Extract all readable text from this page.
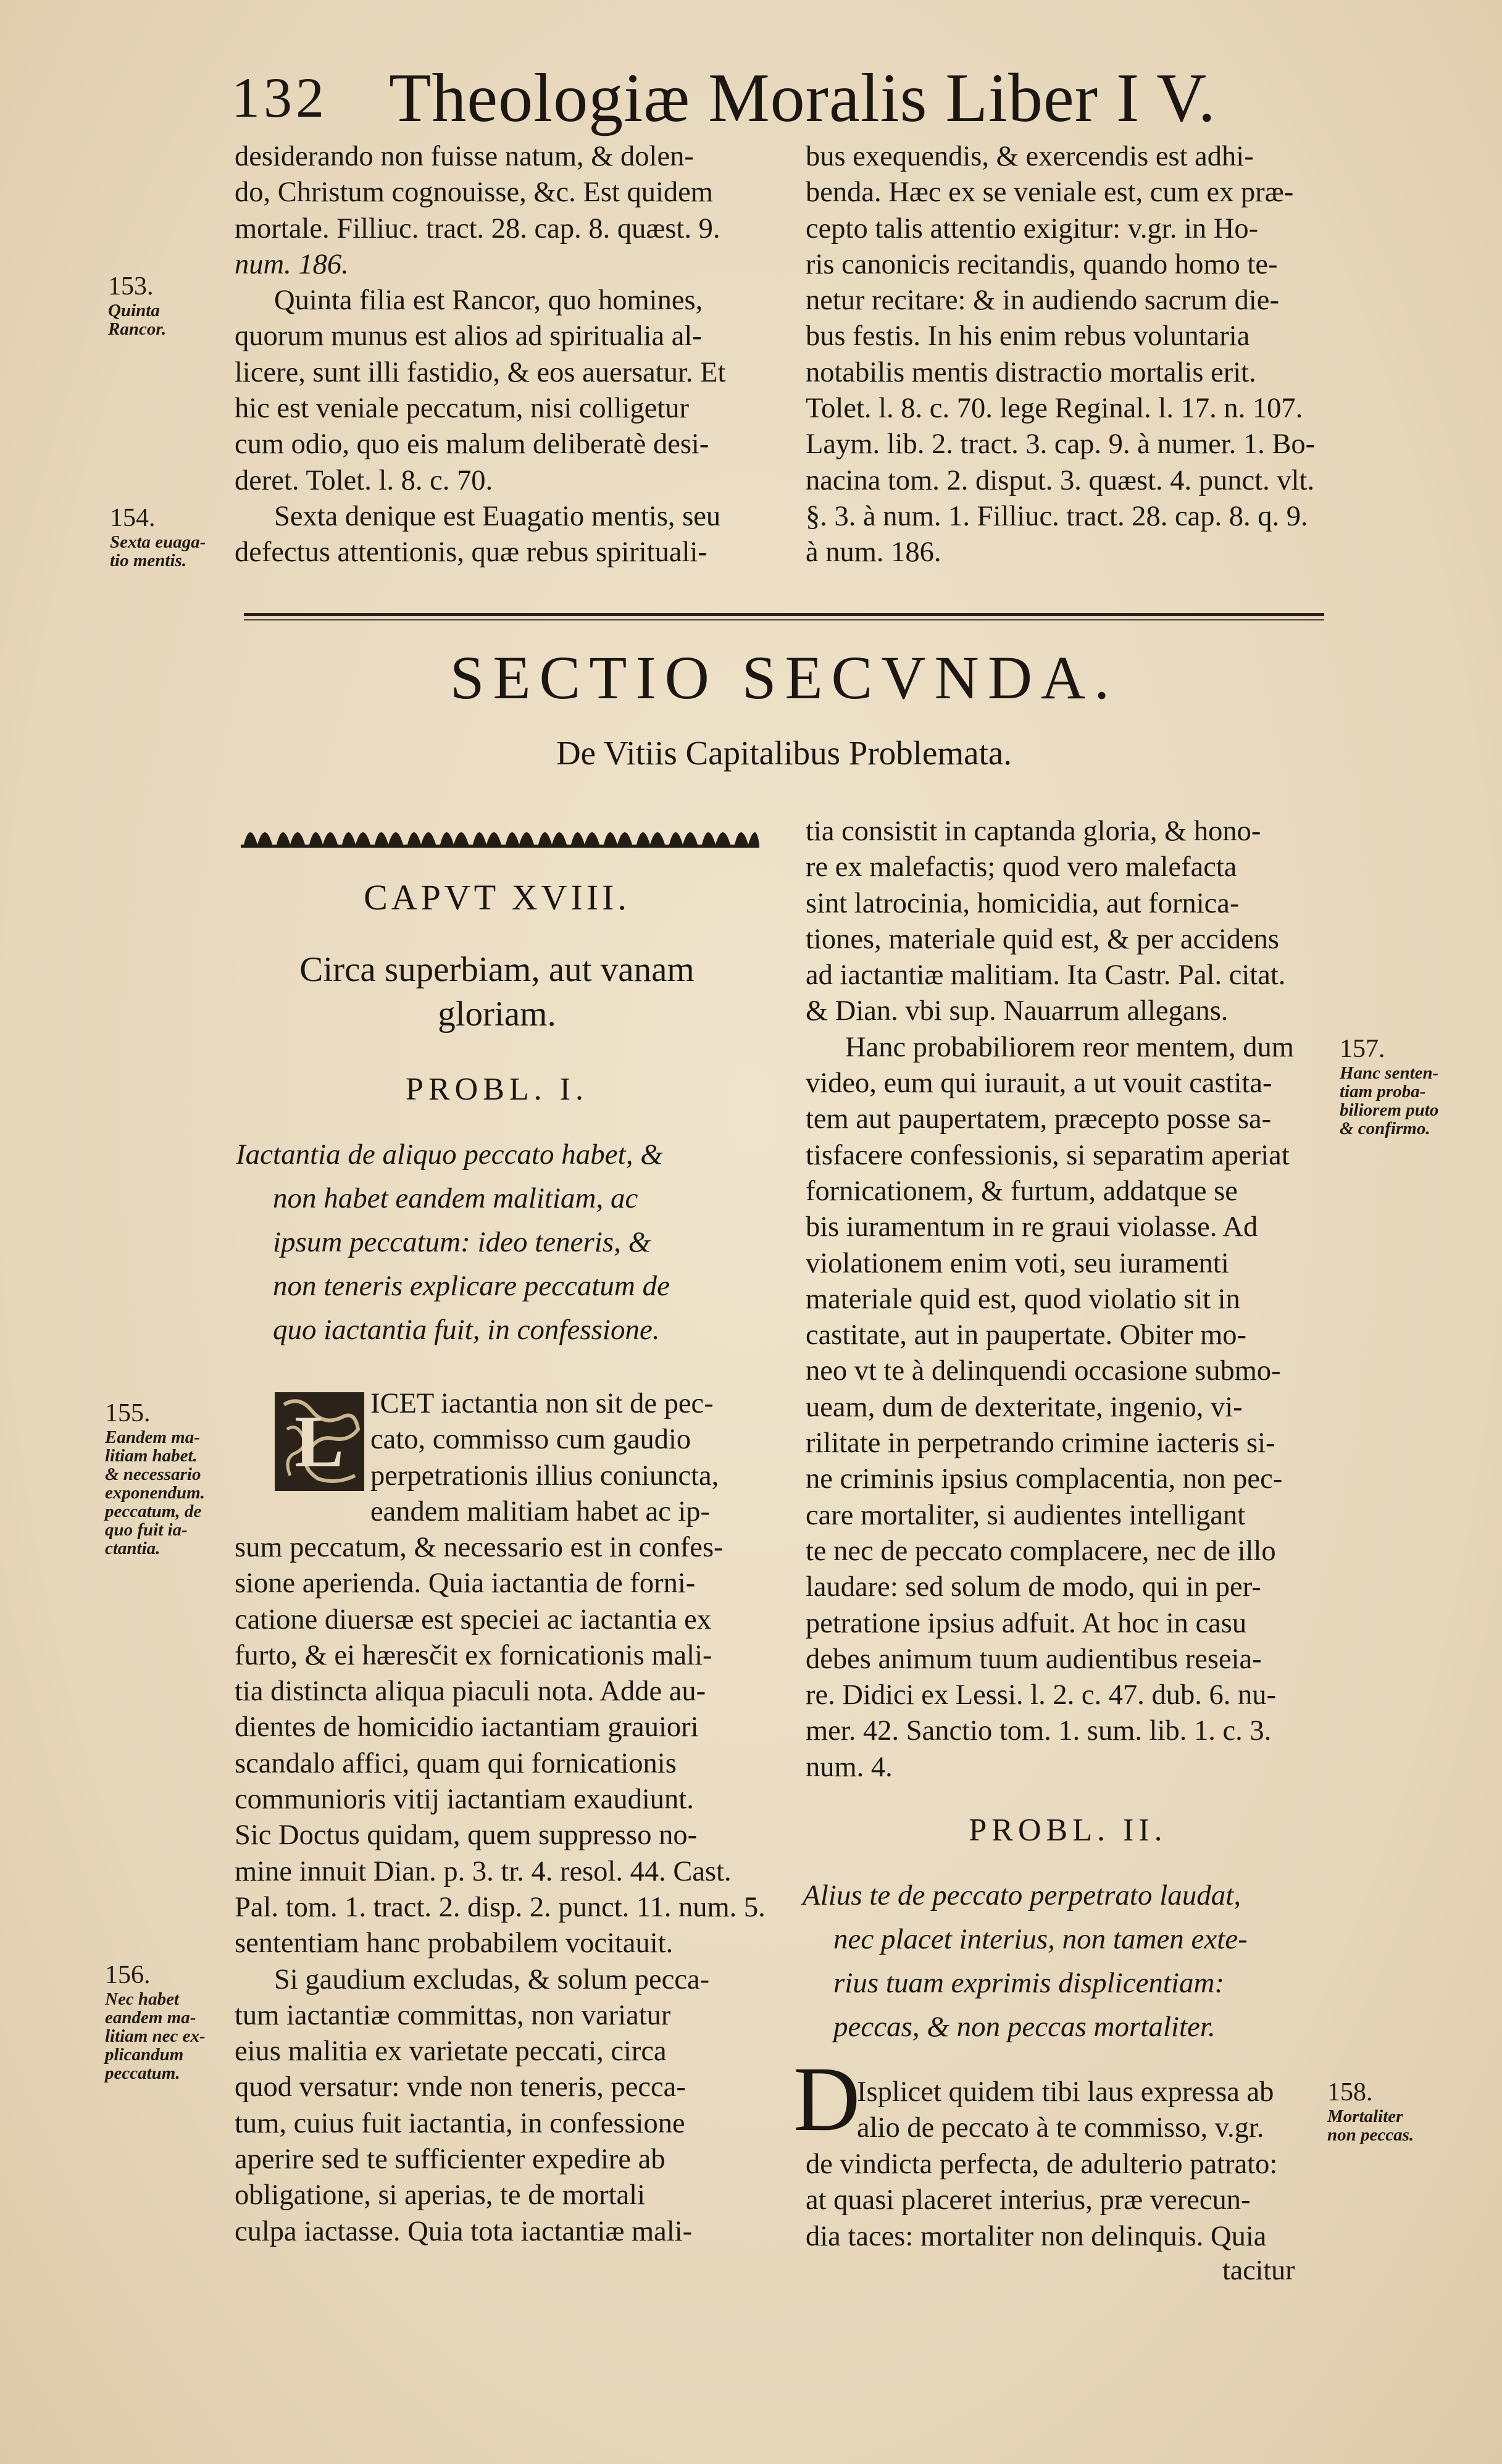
132 Theologiæ Moralis Liber I V.
desiderando non fuisse natum, & dolen-
do, Christum cognouisse, &c. Est quidem
mortale. Filliuc. tract. 28. cap. 8. quæst. 9.
num. 186.
Quinta filia est Rancor, quo homines,
quorum munus est alios ad spiritualia al-
licere, sunt illi fastidio, & eos auersatur. Et
hic est veniale peccatum, nisi colligetur
cum odio, quo eis malum deliberatè desi-
deret. Tolet. l. 8. c. 70.
Sexta denique est Euagatio mentis, seu
defectus attentionis, quæ rebus spirituali-
bus exequendis, & exercendis est adhi-
benda. Hæc ex se veniale est, cum ex præ-
cepto talis attentio exigitur: v.gr. in Ho-
ris canonicis recitandis, quando homo te-
netur recitare: & in audiendo sacrum die-
bus festis. In his enim rebus voluntaria
notabilis mentis distractio mortalis erit.
Tolet. l. 8. c. 70. lege Reginal. l. 17. n. 107.
Laym. lib. 2. tract. 3. cap. 9. à numer. 1. Bo-
nacina tom. 2. disput. 3. quæst. 4. punct. vlt.
§. 3. à num. 1. Filliuc. tract. 28. cap. 8. q. 9.
à num. 186.
153.
Quinta
Rancor.
154.
Sexta euaga-
tio mentis.
SECTIO SECVNDA.
De Vitiis Capitalibus Problemata.
CAPVT XVIII.
Circa superbiam, aut vanam
gloriam.
PROBL. I.
Iactantia de aliquo peccato habet, &
non habet eandem malitiam, ac
ipsum peccatum: ideo teneris, &
non teneris explicare peccatum de
quo iactantia fuit, in confessione.
L ICET iactantia non sit de pec-
cato, commisso cum gaudio
perpetrationis illius coniuncta,
eandem malitiam habet ac ip-
sum peccatum, & necessario est in confes-
sione aperienda. Quia iactantia de forni-
catione diuersæ est speciei ac iactantia ex
furto, & ei hæresčit ex fornicationis mali-
tia distincta aliqua piaculi nota. Adde au-
dientes de homicidio iactantiam grauiori
scandalo affici, quam qui fornicationis
communioris vitij iactantiam exaudiunt.
Sic Doctus quidam, quem suppresso no-
mine innuit Dian. p. 3. tr. 4. resol. 44. Cast.
Pal. tom. 1. tract. 2. disp. 2. punct. 11. num. 5.
sententiam hanc probabilem vocitauit.
Si gaudium excludas, & solum pecca-
tum iactantiæ committas, non variatur
eius malitia ex varietate peccati, circa
quod versatur: vnde non teneris, pecca-
tum, cuius fuit iactantia, in confessione
aperire sed te sufficienter expedire ab
obligatione, si aperias, te de mortali
culpa iactasse. Quia tota iactantiæ mali-
155.
Eandem ma-
litiam habet.
& necessario
exponendum.
peccatum, de
quo fuit ia-
ctantia.
156.
Nec habet
eandem ma-
litiam nec ex-
plicandum
peccatum.
tia consistit in captanda gloria, & hono-
re ex malefactis; quod vero malefacta
sint latrocinia, homicidia, aut fornica-
tiones, materiale quid est, & per accidens
ad iactantiæ malitiam. Ita Castr. Pal. citat.
& Dian. vbi sup. Nauarrum allegans.
Hanc probabiliorem reor mentem, dum
video, eum qui iurauit, a ut vouit castita-
tem aut paupertatem, præcepto posse sa-
tisfacere confessionis, si separatim aperiat
fornicationem, & furtum, addatque se
bis iuramentum in re graui violasse. Ad
violationem enim voti, seu iuramenti
materiale quid est, quod violatio sit in
castitate, aut in paupertate. Obiter mo-
neo vt te à delinquendi occasione submo-
ueam, dum de dexteritate, ingenio, vi-
rilitate in perpetrando crimine iacteris si-
ne criminis ipsius complacentia, non pec-
care mortaliter, si audientes intelligant
te nec de peccato complacere, nec de illo
laudare: sed solum de modo, qui in per-
petratione ipsius adfuit. At hoc in casu
debes animum tuum audientibus reseia-
re. Didici ex Lessi. l. 2. c. 47. dub. 6. nu-
mer. 42. Sanctio tom. 1. sum. lib. 1. c. 3.
num. 4.
157.
Hanc senten-
tiam proba-
biliorem puto
& confirmo.
PROBL. II.
Alius te de peccato perpetrato laudat,
nec placet interius, non tamen exte-
rius tuam exprimis displicentiam:
peccas, & non peccas mortaliter.
D
Isplicet quidem tibi laus expressa ab
alio de peccato à te commisso, v.gr.
de vindicta perfecta, de adulterio patrato:
at quasi placeret interius, præ verecun-
dia taces: mortaliter non delinquis. Quia
tacitur
158.
Mortaliter
non peccas.
